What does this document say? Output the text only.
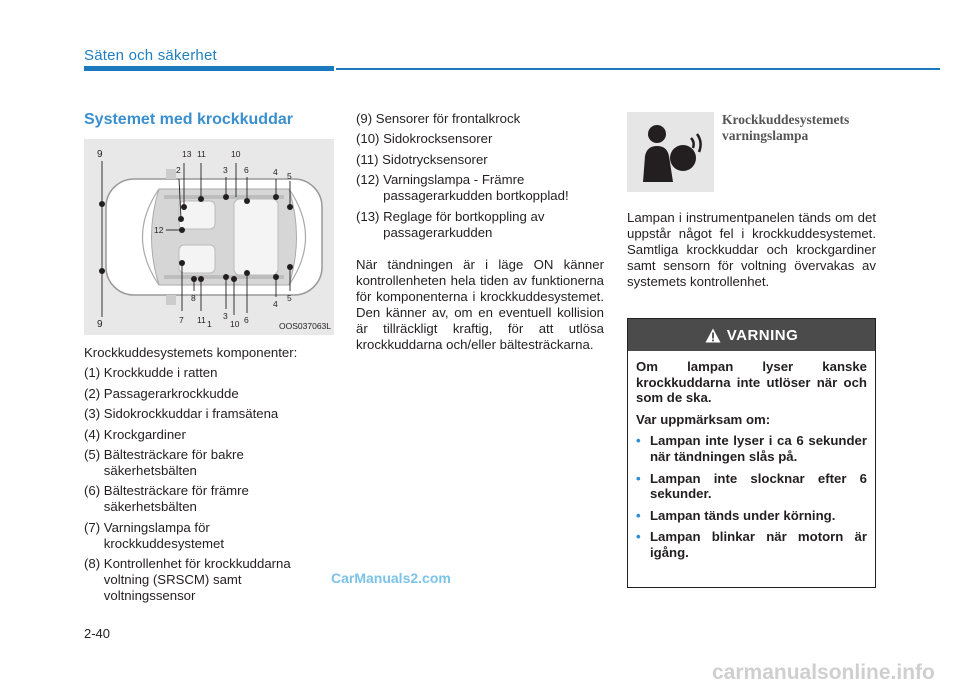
Säten och säkerhet
Systemet med krockkuddar
13 11	10
2	3 6	4 5
12
8
7 11 3
10 6
4
5
9
9	1	OOS037063L

Krockkuddesystemets komponenter:

(1) Krockkudde i ratten
(2) Passagerarkrockkudde
(3) Sidokrockkuddar i framsätena
(4) Krockgardiner
(5) Bältesträckare för bakre säkerhetsbälten
(6) Bältesträckare för främre säkerhetsbälten
(7) Varningslampa för krockkuddesystemet
(8) Kontrollenhet för krockkuddarna voltning (SRSCM) samt voltningssensor
(9) Sensorer för frontalkrock
(10) Sidokrocksensorer
(11) Sidotrycksensorer
(12) Varningslampa - Främre passagerarkudden bortkopplad!
(13) Reglage för bortkoppling av passagerarkudden

När tändningen är i läge ON känner kontrollenheten hela tiden av funktionerna för komponenterna i krockkuddesystemet. Den känner av, om en eventuell kollision är tillräckligt kraftig, för att utlösa krockkuddarna och/eller bältesträckarna.

Krockkuddesystemets
varningslampa
Lampan i instrumentpanelen tänds om det uppstår något fel i krockkuddesystemet. Samtliga krockkuddar och krockgardiner samt sensorn för voltning övervakas av systemets kontrollenhet.
VARNING

Om lampan lyser kanske krockkuddarna inte utlöser när och som de ska.

Var uppmärksam om:

• Lampan inte lyser i ca 6 sekunder när tändningen slås på.
• Lampan inte slocknar efter 6 sekunder.
• Lampan tänds under körning.
• Lampan blinkar när motorn är igång.
2-40
CarManuals2.com
carmanualsonline.info
